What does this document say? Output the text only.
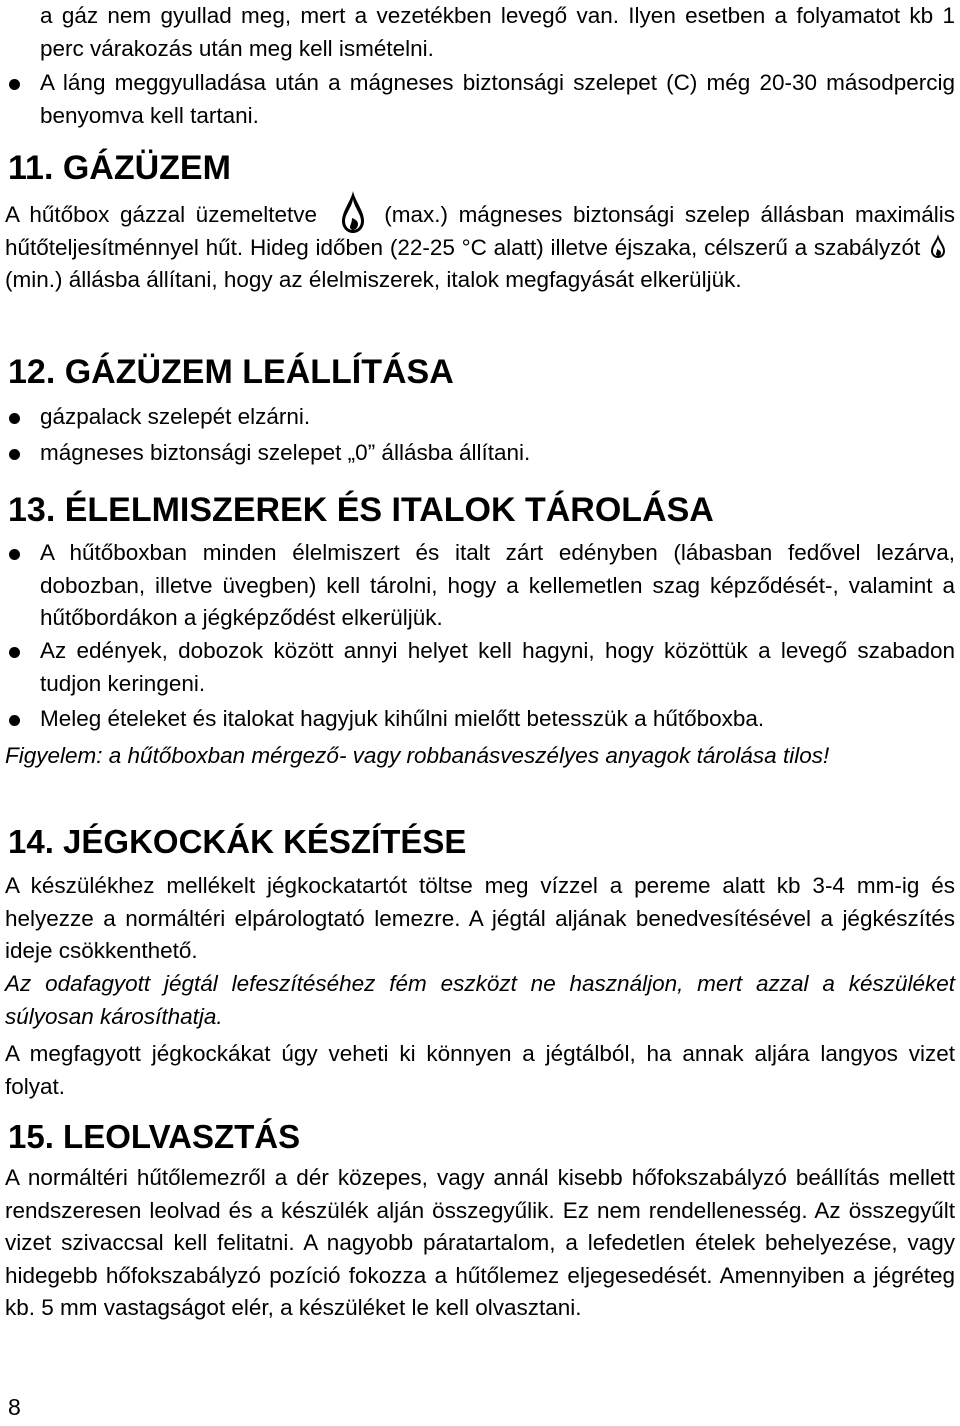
a gáz nem gyullad meg, mert a vezetékben levegő van. Ilyen esetben a folyamatot kb 1 perc várakozás után meg kell ismételni.

A láng meggyulladása után a mágneses biztonsági szelepet (C) még 20-30 másodpercig benyomva kell tartani.
11. GÁZÜZEM

A hűtőbox gázzal üzemeltetve	(max.) mágneses biztonsági szelep állásban maximális hűtőteljesítménnyel hűt. Hideg időben (22-25 °C alatt) illetve éjszaka, célszerű a szabályzót  (min.) állásba állítani, hogy az élelmiszerek, italok megfagyását elkerüljük.

12. GÁZÜZEM LEÁLLÍTÁSA
gázpalack szelepét elzárni.
mágneses biztonsági szelepet „0” állásba állítani.
13. ÉLELMISZEREK ÉS ITALOK TÁROLÁSA
A hűtőboxban minden élelmiszert és italt zárt edényben (lábasban fedővel lezárva, dobozban, illetve üvegben) kell tárolni, hogy a kellemetlen szag képződését-, valamint a hűtőbordákon a jégképződést elkerüljük.
Az edények, dobozok között annyi helyet kell hagyni, hogy közöttük a levegő szabadon tudjon keringeni.
Meleg ételeket és italokat hagyjuk kihűlni mielőtt betesszük a hűtőboxba.

Figyelem: a hűtőboxban mérgező- vagy robbanásveszélyes anyagok tárolása tilos!

14. JÉGKOCKÁK KÉSZÍTÉSE

A készülékhez mellékelt jégkockatartót töltse meg vízzel a pereme alatt kb 3-4 mm-ig és helyezze a normáltéri elpárologtató lemezre. A jégtál aljának benedvesítésével a jégkészítés ideje csökkenthető.

Az odafagyott jégtál lefeszítéséhez fém eszközt ne használjon, mert azzal a készüléket súlyosan károsíthatja.

A megfagyott jégkockákat úgy veheti ki könnyen a jégtálból, ha annak aljára langyos vizet folyat.

15. LEOLVASZTÁS

A normáltéri hűtőlemezről a dér közepes, vagy annál kisebb hőfokszabályzó beállítás mellett rendszeresen leolvad és a készülék alján összegyűlik. Ez nem rendellenesség. Az összegyűlt vizet szivaccsal kell felitatni. A nagyobb páratartalom, a lefedetlen ételek behelyezése, vagy hidegebb hőfokszabályzó pozíció fokozza a hűtőlemez eljegesedését. Amennyiben a jégréteg kb. 5 mm vastagságot elér, a készüléket le kell olvasztani.

8
